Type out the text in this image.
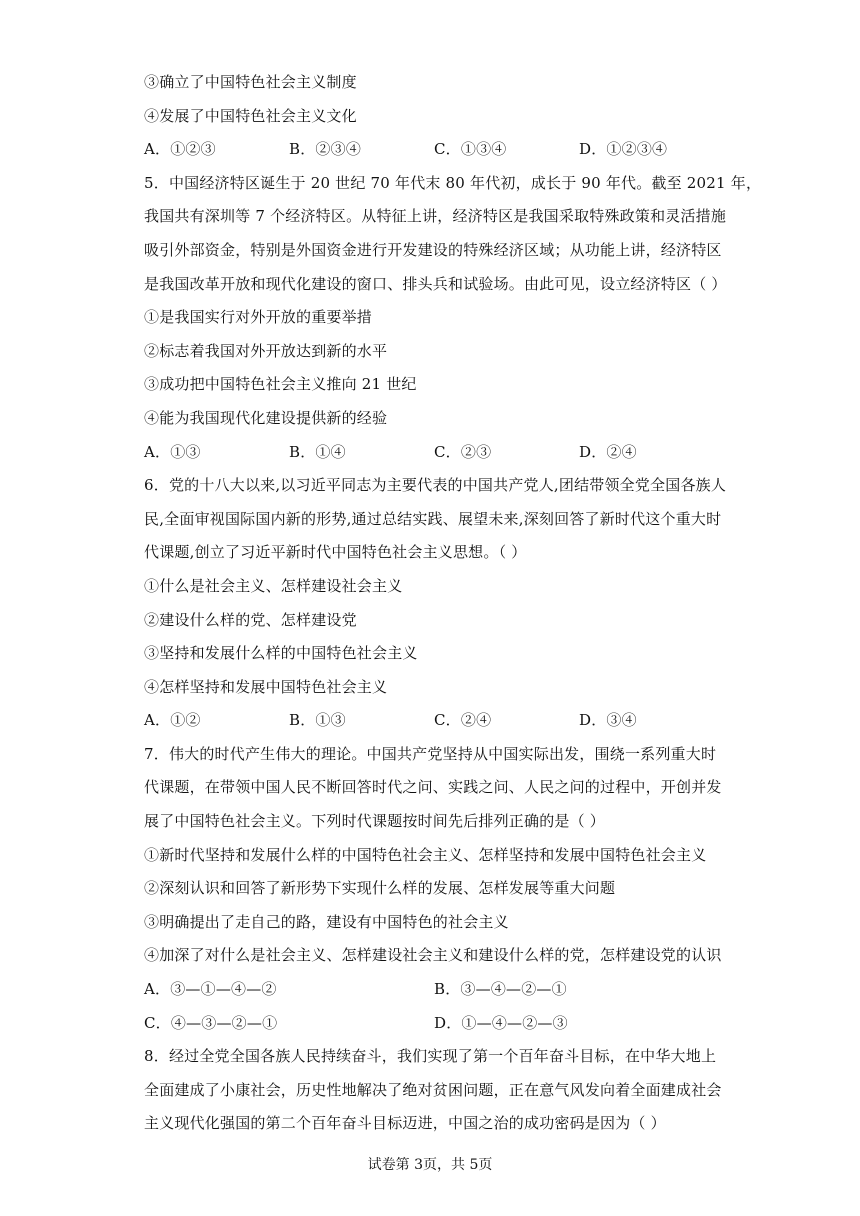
③确立了中国特色社会主义制度
④发展了中国特色社会主义文化
A．①②③	B．②③④	C．①③④	D．①②③④
5．中国经济特区诞生于 20 世纪 70 年代末 80 年代初，成长于 90 年代。截至 2021 年，
我国共有深圳等 7 个经济特区。从特征上讲，经济特区是我国采取特殊政策和灵活措施
吸引外部资金，特别是外国资金进行开发建设的特殊经济区域；从功能上讲，经济特区
是我国改革开放和现代化建设的窗口、排头兵和试验场。由此可见，设立经济特区（ ）
①是我国实行对外开放的重要举措
②标志着我国对外开放达到新的水平
③成功把中国特色社会主义推向 21 世纪
④能为我国现代化建设提供新的经验
A．①③	B．①④	C．②③	D．②④
6．党的十八大以来,以习近平同志为主要代表的中国共产党人,团结带领全党全国各族人
民,全面审视国际国内新的形势,通过总结实践、展望未来,深刻回答了新时代这个重大时
代课题,创立了习近平新时代中国特色社会主义思想。（ ）
①什么是社会主义、怎样建设社会主义
②建设什么样的党、怎样建设党
③坚持和发展什么样的中国特色社会主义
④怎样坚持和发展中国特色社会主义
A．①②	B．①③	C．②④	D．③④
7．伟大的时代产生伟大的理论。中国共产党坚持从中国实际出发，围绕一系列重大时
代课题，在带领中国人民不断回答时代之问、实践之问、人民之问的过程中，开创并发
展了中国特色社会主义。下列时代课题按时间先后排列正确的是（ ）
①新时代坚持和发展什么样的中国特色社会主义、怎样坚持和发展中国特色社会主义
②深刻认识和回答了新形势下实现什么样的发展、怎样发展等重大问题
③明确提出了走自己的路，建设有中国特色的社会主义
④加深了对什么是社会主义、怎样建设社会主义和建设什么样的党，怎样建设党的认识
A．③—①—④—②	B．③—④—②—①
C．④—③—②—①	D．①—④—②—③
8．经过全党全国各族人民持续奋斗，我们实现了第一个百年奋斗目标，在中华大地上
全面建成了小康社会，历史性地解决了绝对贫困问题，正在意气风发向着全面建成社会
主义现代化强国的第二个百年奋斗目标迈进，中国之治的成功密码是因为（ ）
试卷第 3页，共 5页
